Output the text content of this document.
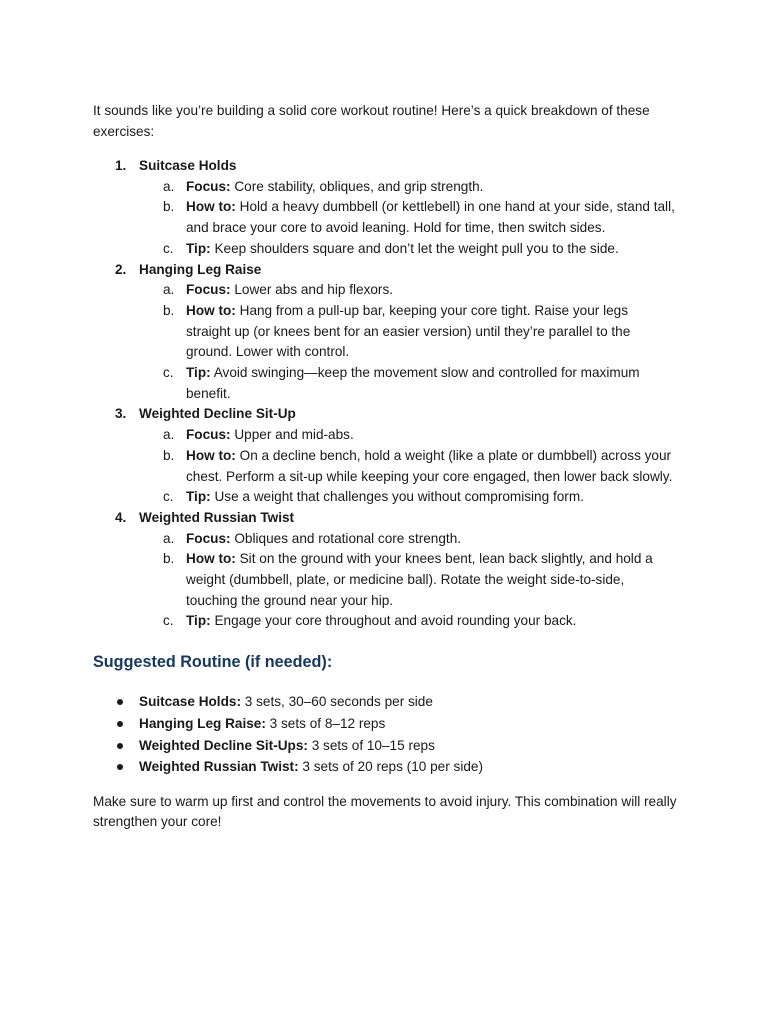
It sounds like you’re building a solid core workout routine! Here’s a quick breakdown of these exercises:

1. Suitcase Holds
a. Focus: Core stability, obliques, and grip strength.
b. How to: Hold a heavy dumbbell (or kettlebell) in one hand at your side, stand tall, and brace your core to avoid leaning. Hold for time, then switch sides.
c. Tip: Keep shoulders square and don’t let the weight pull you to the side.
2. Hanging Leg Raise
a. Focus: Lower abs and hip flexors.
b. How to: Hang from a pull-up bar, keeping your core tight. Raise your legs straight up (or knees bent for an easier version) until they’re parallel to the ground. Lower with control.
c. Tip: Avoid swinging—keep the movement slow and controlled for maximum benefit.
3. Weighted Decline Sit-Up
a. Focus: Upper and mid-abs.
b. How to: On a decline bench, hold a weight (like a plate or dumbbell) across your chest. Perform a sit-up while keeping your core engaged, then lower back slowly.
c. Tip: Use a weight that challenges you without compromising form.
4. Weighted Russian Twist
a. Focus: Obliques and rotational core strength.
b. How to: Sit on the ground with your knees bent, lean back slightly, and hold a weight (dumbbell, plate, or medicine ball). Rotate the weight side-to-side, touching the ground near your hip.
c. Tip: Engage your core throughout and avoid rounding your back.
Suggested Routine (if needed):
Suitcase Holds: 3 sets, 30–60 seconds per side
Hanging Leg Raise: 3 sets of 8–12 reps
Weighted Decline Sit-Ups: 3 sets of 10–15 reps
Weighted Russian Twist: 3 sets of 20 reps (10 per side)

Make sure to warm up first and control the movements to avoid injury. This combination will really strengthen your core!
